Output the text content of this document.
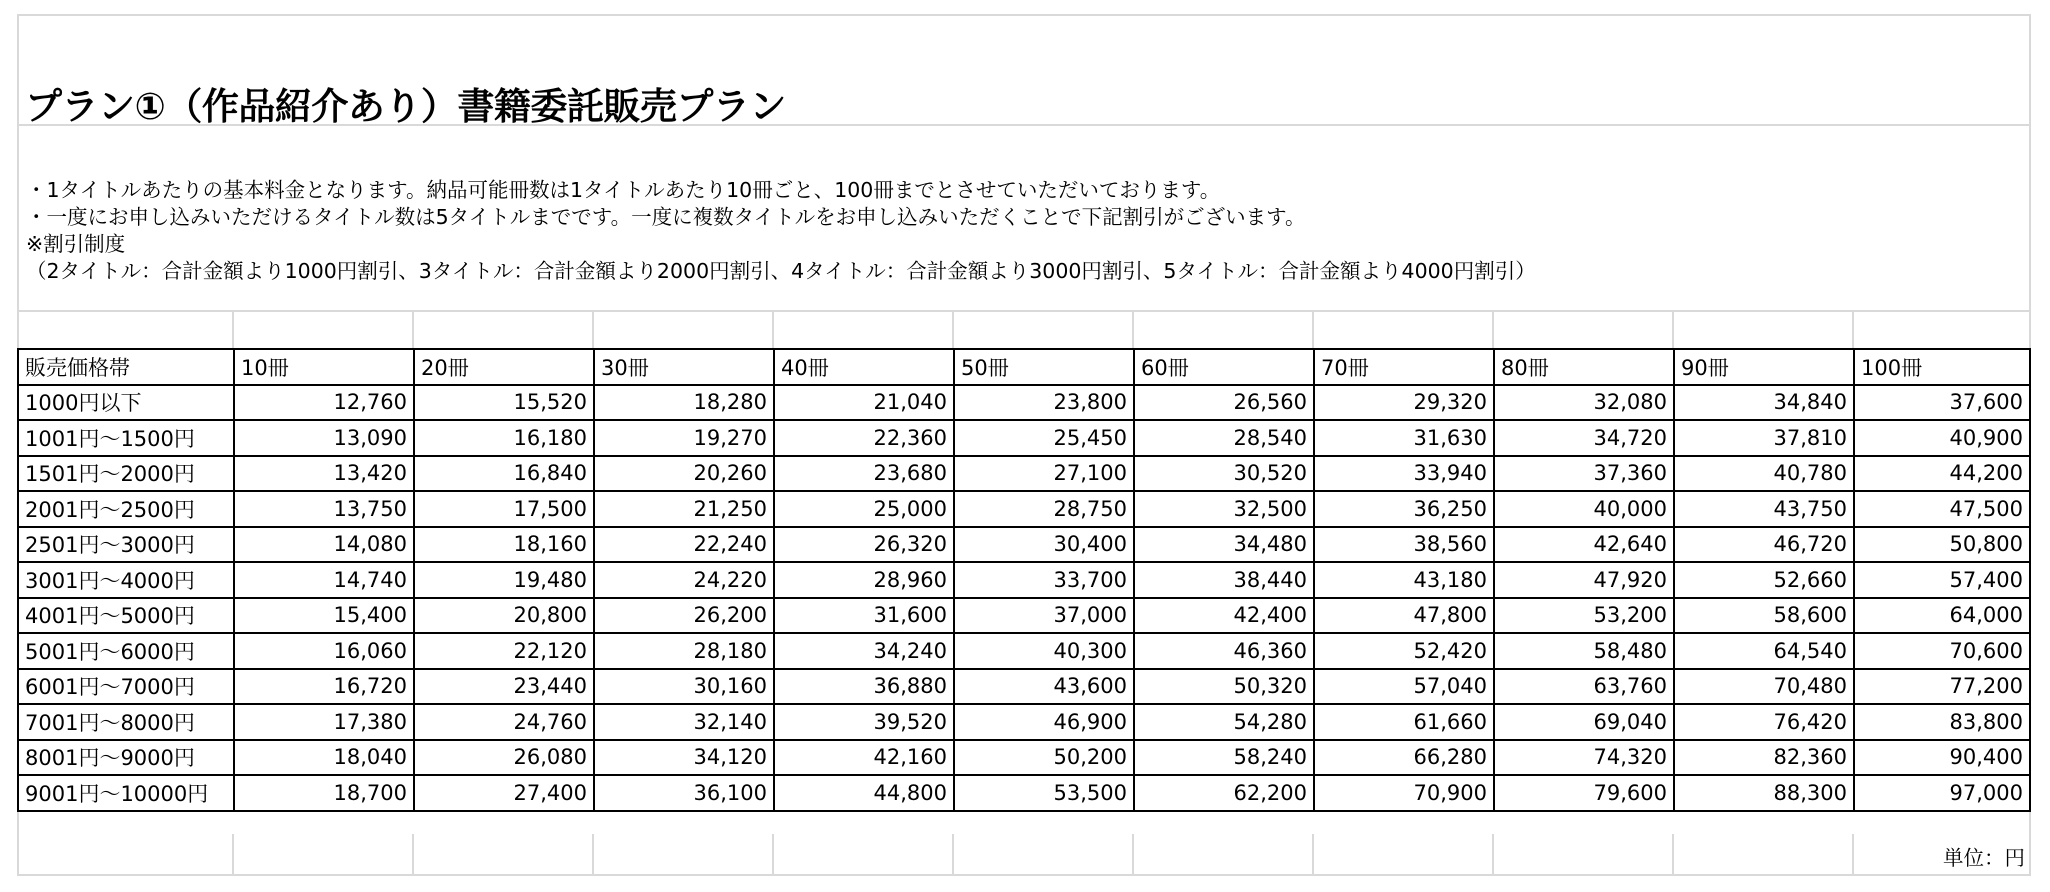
プラン①（作品紹介あり）書籍委託販売プラン
・1タイトルあたりの基本料金となります。納品可能冊数は1タイトルあたり10冊ごと、100冊までとさせていただいております。
・一度にお申し込みいただけるタイトル数は5タイトルまでです。一度に複数タイトルをお申し込みいただくことで下記割引がございます。
※割引制度
（2タイトル：合計金額より1000円割引、3タイトル：合計金額より2000円割引、4タイトル：合計金額より3000円割引、5タイトル：合計金額より4000円割引）
販売価格帯	10冊	20冊	30冊	40冊	50冊	60冊	70冊	80冊	90冊	100冊
1000円以下	12,760	15,520	18,280	21,040	23,800	26,560	29,320	32,080	34,840	37,600
1001円～1500円	13,090	16,180	19,270	22,360	25,450	28,540	31,630	34,720	37,810	40,900
1501円～2000円	13,420	16,840	20,260	23,680	27,100	30,520	33,940	37,360	40,780	44,200
2001円～2500円	13,750	17,500	21,250	25,000	28,750	32,500	36,250	40,000	43,750	47,500
2501円～3000円	14,080	18,160	22,240	26,320	30,400	34,480	38,560	42,640	46,720	50,800
3001円～4000円	14,740	19,480	24,220	28,960	33,700	38,440	43,180	47,920	52,660	57,400
4001円～5000円	15,400	20,800	26,200	31,600	37,000	42,400	47,800	53,200	58,600	64,000
5001円～6000円	16,060	22,120	28,180	34,240	40,300	46,360	52,420	58,480	64,540	70,600
6001円～7000円	16,720	23,440	30,160	36,880	43,600	50,320	57,040	63,760	70,480	77,200
7001円～8000円	17,380	24,760	32,140	39,520	46,900	54,280	61,660	69,040	76,420	83,800
8001円～9000円	18,040	26,080	34,120	42,160	50,200	58,240	66,280	74,320	82,360	90,400
9001円～10000円	18,700	27,400	36,100	44,800	53,500	62,200	70,900	79,600	88,300	97,000
単位：円
